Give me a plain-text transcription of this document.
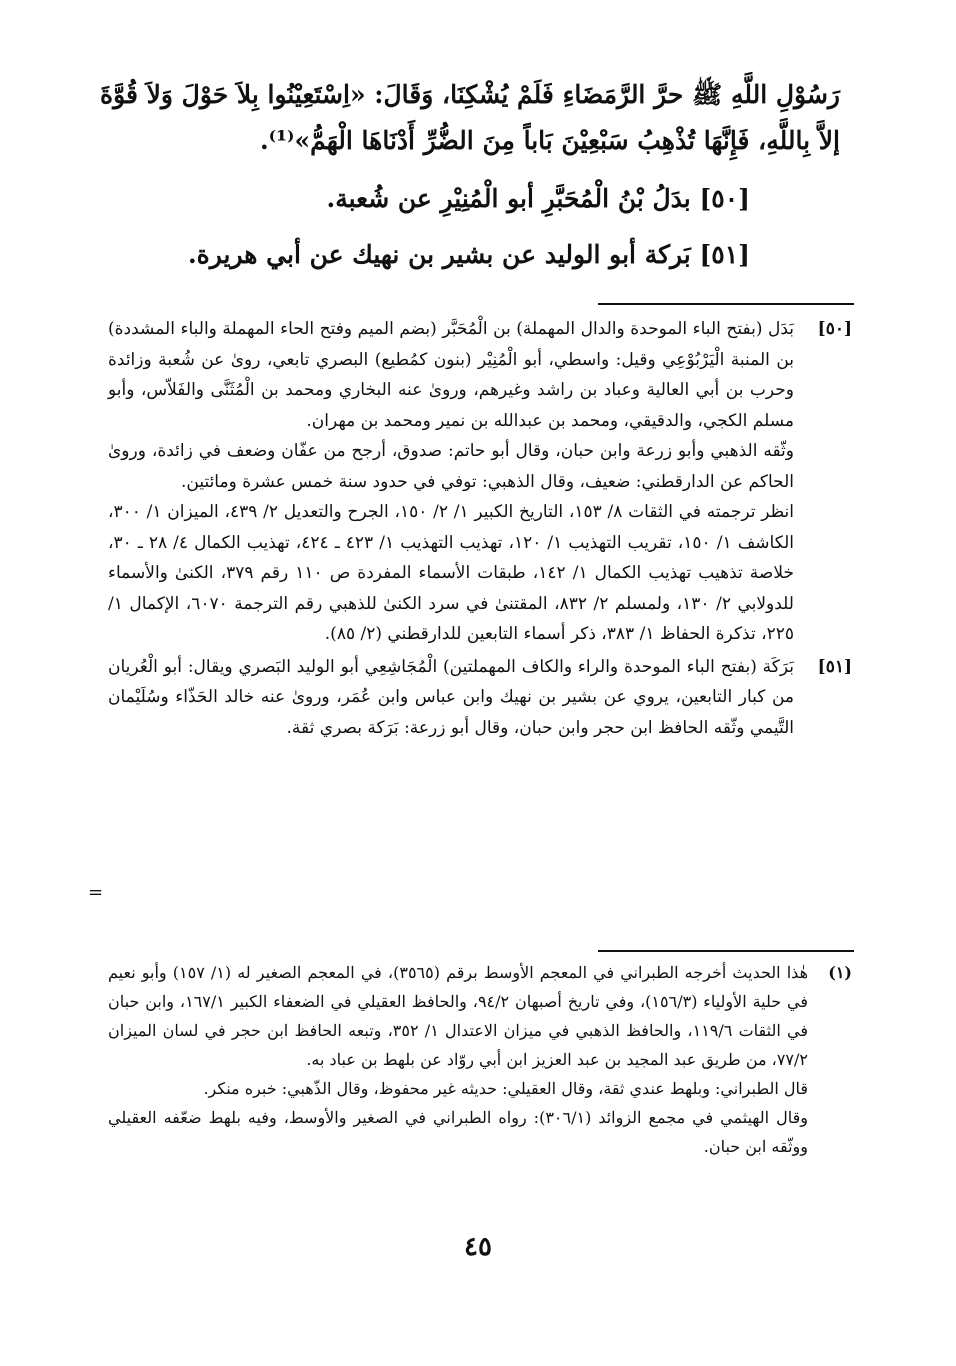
رَسُوْلِ اللَّهِ ﷺ حرَّ الرَّمَضَاءِ فَلَمْ يُشْكِنَا، وَقَالَ: «اِسْتَعِيْنُوا بِلاَ حَوْلَ وَلاَ قُوَّةَ إلاَّ بِاللَّهِ، فَإِنَّهَا تُذْهِبُ سَبْعِيْنَ بَاباً مِنَ الضُّرِّ أَدْنَاهَا الْهَمُّ»⁽¹⁾.

[٥٠] بدَلُ بْنُ الْمُحَبَّرِ أبو الْمُنِيْرِ عن شُعبة.

[٥١] بَركة أبو الوليد عن بشير بن نهيك عن أبي هريرة.

[٥٠]

بَدَل (بفتح الباء الموحدة والدال المهملة) بن الْمُحَبَّر (بضم الميم وفتح الحاء المهملة والباء المشددة) بن المنبة الْيَرْبُوْعِي وقيل: واسطي، أبو الْمُنِيْر (بنون كمُطيع) البصري تابعي، روىٰ عن شُعبة وزائدة وحرب بن أبي العالية وعباد بن راشد وغيرهم، وروىٰ عنه البخاري ومحمد بن الْمُثَنَّى والفَلاّس، وأبو مسلم الكجي، والدقيقي، ومحمد بن عبدالله بن نمير ومحمد بن مهران.

وثّقه الذهبي وأبو زرعة وابن حبان، وقال أبو حاتم: صدوق، أرجح من عفّان وضعف في زائدة، وروىٰ الحاكم عن الدارقطني: ضعيف، وقال الذهبي: توفي في حدود سنة خمس عشرة ومائتين.

انظر ترجمته في الثقات ٨/ ١٥٣، التاريخ الكبير ١/ ٢/ ١٥٠، الجرح والتعديل ٢/ ٤٣٩، الميزان ١/ ٣٠٠، الكاشف ١/ ١٥٠، تقريب التهذيب ١/ ١٢٠، تهذيب التهذيب ١/ ٤٢٣ ـ ٤٢٤، تهذيب الكمال ٤/ ٢٨ ـ ٣٠، خلاصة تذهيب تهذيب الكمال ١/ ١٤٢، طبقات الأسماء المفردة ص ١١٠ رقم ٣٧٩، الكنىٰ والأسماء للدولابي ٢/ ١٣٠، ولمسلم ٢/ ٨٣٢، المقتنىٰ في سرد الكنىٰ للذهبي رقم الترجمة ٦٠٧٠، الإكمال ١/ ٢٢٥، تذكرة الحفاظ ١/ ٣٨٣، ذكر أسماء التابعين للدارقطني (٢/ ٨٥).

[٥١]

بَرَكَة (بفتح الباء الموحدة والراء والكاف المهملتين) الْمُجَاشِعِي أبو الوليد البَصري ويقال: أبو الْعُريان من كبار التابعين، يروي عن بشير بن نهيك وابن عباس وابن عُمَر، وروىٰ عنه خالد الحَذّاء وسُلَيْمان التَّيمي وثّقه الحافظ ابن حجر وابن حبان، وقال أبو زرعة: بَرَكة بصري ثقة.

=
(١)

هٰذا الحديث أخرجه الطبراني في المعجم الأوسط برقم (٣٥٦٥)، في المعجم الصغير له (١/ ١٥٧) وأبو نعيم في حلية الأولياء (١٥٦/٣)، وفي تاريخ أصبهان ٩٤/٢، والحافظ العقيلي في الضعفاء الكبير ١٦٧/١، وابن حبان في الثقات ١١٩/٦، والحافظ الذهبي في ميزان الاعتدال ١/ ٣٥٢، وتبعه الحافظ ابن حجر في لسان الميزان ٧٧/٢، من طريق عبد المجيد بن عبد العزيز ابن أبي روّاد عن بلهط بن عباد به.

قال الطبراني: وبلهط عندي ثقة، وقال العقيلي: حديثه غير محفوظ، وقال الذّهبي: خبره منكر.

وقال الهيثمي في مجمع الزوائد (٣٠٦/١): رواه الطبراني في الصغير والأوسط، وفيه بلهط ضعّفه العقيلي ووثّقه ابن حبان.

٤٥
